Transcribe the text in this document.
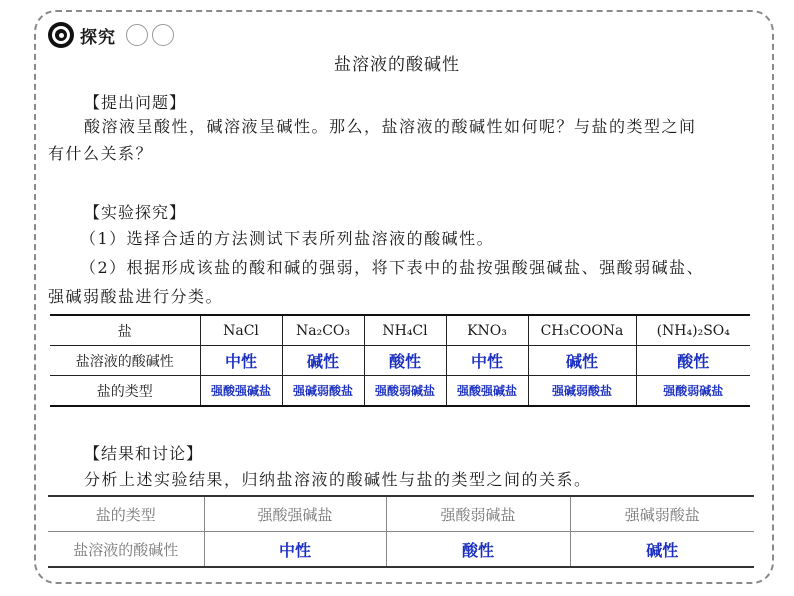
探究
盐溶液的酸碱性
【提出问题】
酸溶液呈酸性，碱溶液呈碱性。那么，盐溶液的酸碱性如何呢？与盐的类型之间
有什么关系？
【实验探究】
（1）选择合适的方法测试下表所列盐溶液的酸碱性。
（2）根据形成该盐的酸和碱的强弱，将下表中的盐按强酸强碱盐、强酸弱碱盐、
强碱弱酸盐进行分类。
盐	NaCl	Na₂CO₃	NH₄Cl	KNO₃	CH₃COONa	(NH₄)₂SO₄
盐溶液的酸碱性	中性	碱性	酸性	中性	碱性	酸性
盐的类型	强酸强碱盐	强碱弱酸盐	强酸弱碱盐	强酸强碱盐	强碱弱酸盐	强酸弱碱盐
【结果和讨论】
分析上述实验结果，归纳盐溶液的酸碱性与盐的类型之间的关系。
盐的类型	强酸强碱盐	强酸弱碱盐	强碱弱酸盐
盐溶液的酸碱性	中性	酸性	碱性
